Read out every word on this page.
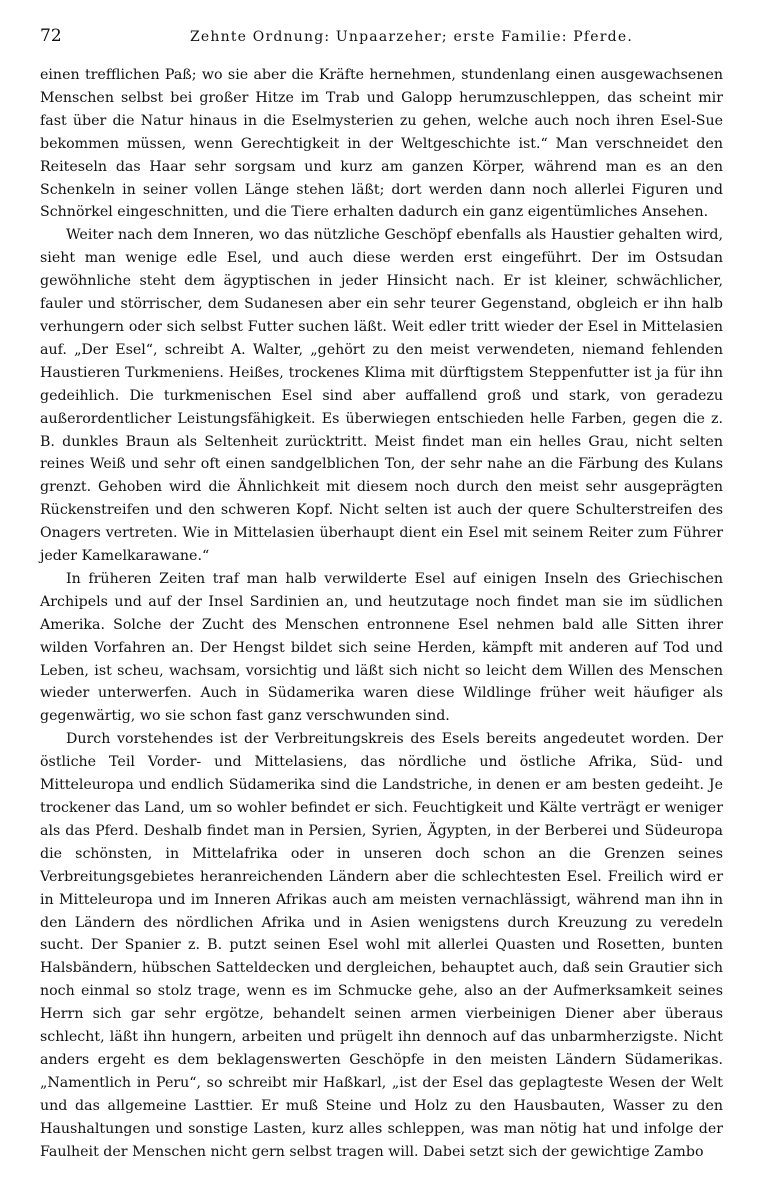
72	Zehnte Ordnung: Unpaarzeher; erste Familie: Pferde.

einen trefflichen Paß; wo sie aber die Kräfte hernehmen, stundenlang einen ausgewachsenen Menschen selbst bei großer Hitze im Trab und Galopp herumzuschleppen, das scheint mir fast über die Natur hinaus in die Eselmysterien zu gehen, welche auch noch ihren Esel-Sue bekommen müssen, wenn Gerechtigkeit in der Weltgeschichte ist.“ Man verschneidet den Reiteseln das Haar sehr sorgsam und kurz am ganzen Körper, während man es an den Schenkeln in seiner vollen Länge stehen läßt; dort werden dann noch allerlei Figuren und Schnörkel eingeschnitten, und die Tiere erhalten dadurch ein ganz eigentümliches Ansehen.

Weiter nach dem Inneren, wo das nützliche Geschöpf ebenfalls als Haustier gehalten wird, sieht man wenige edle Esel, und auch diese werden erst eingeführt. Der im Ostsudan gewöhnliche steht dem ägyptischen in jeder Hinsicht nach. Er ist kleiner, schwächlicher, fauler und störrischer, dem Sudanesen aber ein sehr teurer Gegenstand, obgleich er ihn halb verhungern oder sich selbst Futter suchen läßt. Weit edler tritt wieder der Esel in Mittelasien auf. „Der Esel“, schreibt A. Walter, „gehört zu den meist verwendeten, niemand fehlenden Haustieren Turkmeniens. Heißes, trockenes Klima mit dürftigstem Steppenfutter ist ja für ihn gedeihlich. Die turkmenischen Esel sind aber auffallend groß und stark, von geradezu außerordentlicher Leistungsfähigkeit. Es überwiegen entschieden helle Farben, gegen die z. B. dunkles Braun als Seltenheit zurücktritt. Meist findet man ein helles Grau, nicht selten reines Weiß und sehr oft einen sandgelblichen Ton, der sehr nahe an die Färbung des Kulans grenzt. Gehoben wird die Ähnlichkeit mit diesem noch durch den meist sehr ausgeprägten Rückenstreifen und den schweren Kopf. Nicht selten ist auch der quere Schulterstreifen des Onagers vertreten. Wie in Mittelasien überhaupt dient ein Esel mit seinem Reiter zum Führer jeder Kamelkarawane.“

In früheren Zeiten traf man halb verwilderte Esel auf einigen Inseln des Griechischen Archipels und auf der Insel Sardinien an, und heutzutage noch findet man sie im südlichen Amerika. Solche der Zucht des Menschen entronnene Esel nehmen bald alle Sitten ihrer wilden Vorfahren an. Der Hengst bildet sich seine Herden, kämpft mit anderen auf Tod und Leben, ist scheu, wachsam, vorsichtig und läßt sich nicht so leicht dem Willen des Menschen wieder unterwerfen. Auch in Südamerika waren diese Wildlinge früher weit häufiger als gegenwärtig, wo sie schon fast ganz verschwunden sind.

Durch vorstehendes ist der Verbreitungskreis des Esels bereits angedeutet worden. Der östliche Teil Vorder- und Mittelasiens, das nördliche und östliche Afrika, Süd- und Mitteleuropa und endlich Südamerika sind die Landstriche, in denen er am besten gedeiht. Je trockener das Land, um so wohler befindet er sich. Feuchtigkeit und Kälte verträgt er weniger als das Pferd. Deshalb findet man in Persien, Syrien, Ägypten, in der Berberei und Südeuropa die schönsten, in Mittelafrika oder in unseren doch schon an die Grenzen seines Verbreitungsgebietes heranreichenden Ländern aber die schlechtesten Esel. Freilich wird er in Mitteleuropa und im Inneren Afrikas auch am meisten vernachlässigt, während man ihn in den Ländern des nördlichen Afrika und in Asien wenigstens durch Kreuzung zu veredeln sucht. Der Spanier z. B. putzt seinen Esel wohl mit allerlei Quasten und Rosetten, bunten Halsbändern, hübschen Satteldecken und dergleichen, behauptet auch, daß sein Grautier sich noch einmal so stolz trage, wenn es im Schmucke gehe, also an der Aufmerksamkeit seines Herrn sich gar sehr ergötze, behandelt seinen armen vierbeinigen Diener aber überaus schlecht, läßt ihn hungern, arbeiten und prügelt ihn dennoch auf das unbarmherzigste. Nicht anders ergeht es dem beklagenswerten Geschöpfe in den meisten Ländern Südamerikas. „Namentlich in Peru“, so schreibt mir Haßkarl, „ist der Esel das geplagteste Wesen der Welt und das allgemeine Lasttier. Er muß Steine und Holz zu den Hausbauten, Wasser zu den Haushaltungen und sonstige Lasten, kurz alles schleppen, was man nötig hat und infolge der Faulheit der Menschen nicht gern selbst tragen will. Dabei setzt sich der gewichtige Zambo
